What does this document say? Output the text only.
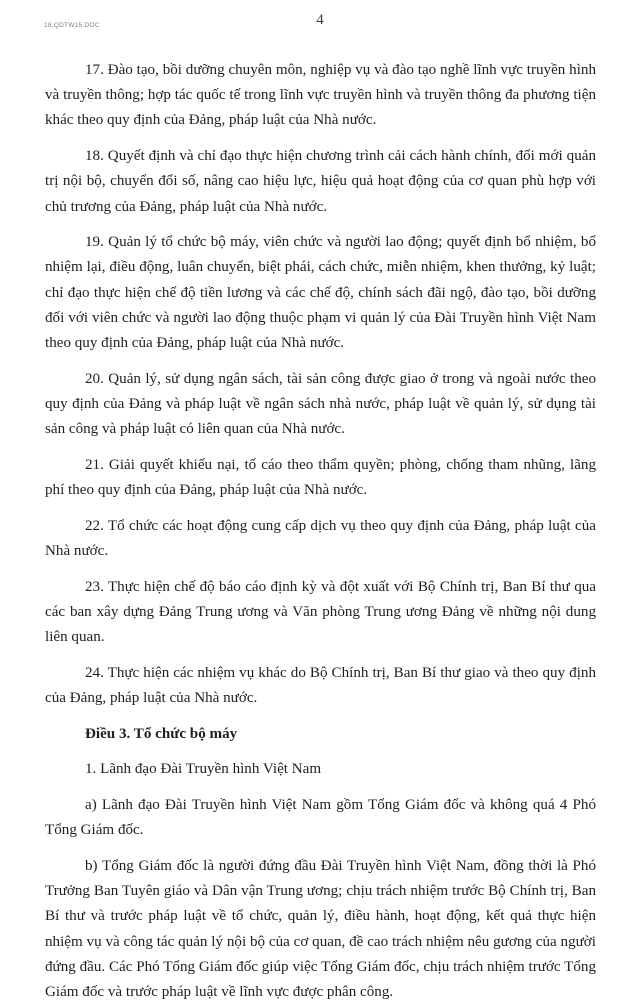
18.QDTW15.DOC	4

17. Đào tạo, bồi dưỡng chuyên môn, nghiệp vụ và đào tạo nghề lĩnh vực truyền hình và truyền thông; hợp tác quốc tế trong lĩnh vực truyền hình và truyền thông đa phương tiện khác theo quy định của Đảng, pháp luật của Nhà nước.

18. Quyết định và chỉ đạo thực hiện chương trình cải cách hành chính, đổi mới quản trị nội bộ, chuyển đổi số, nâng cao hiệu lực, hiệu quả hoạt động của cơ quan phù hợp với chủ trương của Đảng, pháp luật của Nhà nước.

19. Quản lý tổ chức bộ máy, viên chức và người lao động; quyết định bổ nhiệm, bổ nhiệm lại, điều động, luân chuyển, biệt phái, cách chức, miễn nhiệm, khen thưởng, kỷ luật; chỉ đạo thực hiện chế độ tiền lương và các chế độ, chính sách đãi ngộ, đào tạo, bồi dưỡng đối với viên chức và người lao động thuộc phạm vi quản lý của Đài Truyền hình Việt Nam theo quy định của Đảng, pháp luật của Nhà nước.

20. Quản lý, sử dụng ngân sách, tài sản công được giao ở trong và ngoài nước theo quy định của Đảng và pháp luật về ngân sách nhà nước, pháp luật về quản lý, sử dụng tài sản công và pháp luật có liên quan của Nhà nước.

21. Giải quyết khiếu nại, tố cáo theo thẩm quyền; phòng, chống tham nhũng, lãng phí theo quy định của Đảng, pháp luật của Nhà nước.

22. Tổ chức các hoạt động cung cấp dịch vụ theo quy định của Đảng, pháp luật của Nhà nước.

23. Thực hiện chế độ báo cáo định kỳ và đột xuất với Bộ Chính trị, Ban Bí thư qua các ban xây dựng Đảng Trung ương và Văn phòng Trung ương Đảng về những nội dung liên quan.

24. Thực hiện các nhiệm vụ khác do Bộ Chính trị, Ban Bí thư giao và theo quy định của Đảng, pháp luật của Nhà nước.

Điều 3. Tổ chức bộ máy

1. Lãnh đạo Đài Truyền hình Việt Nam

a) Lãnh đạo Đài Truyền hình Việt Nam gồm Tổng Giám đốc và không quá 4 Phó Tổng Giám đốc.

b) Tổng Giám đốc là người đứng đầu Đài Truyền hình Việt Nam, đồng thời là Phó Trưởng Ban Tuyên giáo và Dân vận Trung ương; chịu trách nhiệm trước Bộ Chính trị, Ban Bí thư và trước pháp luật về tổ chức, quản lý, điều hành, hoạt động, kết quả thực hiện nhiệm vụ và công tác quản lý nội bộ của cơ quan, đề cao trách nhiệm nêu gương của người đứng đầu. Các Phó Tổng Giám đốc giúp việc Tổng Giám đốc, chịu trách nhiệm trước Tổng Giám đốc và trước pháp luật về lĩnh vực được phân công.
